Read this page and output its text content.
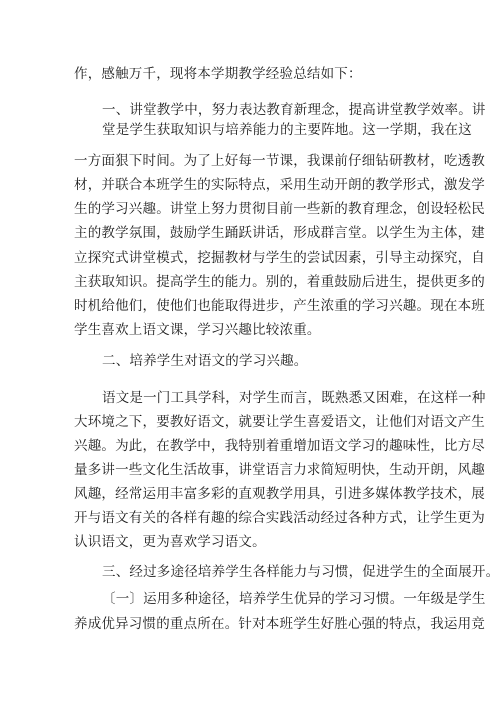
作，感触万千，现将本学期教学经验总结如下：
一、讲堂教学中，努力表达教育新理念，提高讲堂教学效率。讲
堂是学生获取知识与培养能力的主要阵地。这一学期，我在这
一方面狠下时间。为了上好每一节课，我课前仔细钻研教材，吃透教
材，并联合本班学生的实际特点，采用生动开朗的教学形式，激发学
生的学习兴趣。讲堂上努力贯彻目前一些新的教育理念，创设轻松民
主的教学氛围，鼓励学生踊跃讲话，形成群言堂。以学生为主体，建
立探究式讲堂模式，挖掘教材与学生的尝试因素，引导主动探究，自
主获取知识。提高学生的能力。别的，着重鼓励后进生，提供更多的
时机给他们，使他们也能取得进步，产生浓重的学习兴趣。现在本班
学生喜欢上语文课，学习兴趣比较浓重。
二、培养学生对语文的学习兴趣。
语文是一门工具学科，对学生而言，既熟悉又困难，在这样一种
大环境之下，要教好语文，就要让学生喜爱语文，让他们对语文产生
兴趣。为此，在教学中，我特别着重增加语文学习的趣味性，比方尽
量多讲一些文化生活故事，讲堂语言力求简短明快，生动开朗，风趣
风趣，经常运用丰富多彩的直观教学用具，引进多媒体教学技术，展
开与语文有关的各样有趣的综合实践活动经过各种方式，让学生更为
认识语文，更为喜欢学习语文。
三、经过多途径培养学生各样能力与习惯，促进学生的全面展开。
〔一〕运用多种途径，培养学生优异的学习习惯。一年级是学生
养成优异习惯的重点所在。针对本班学生好胜心强的特点，我运用竞
